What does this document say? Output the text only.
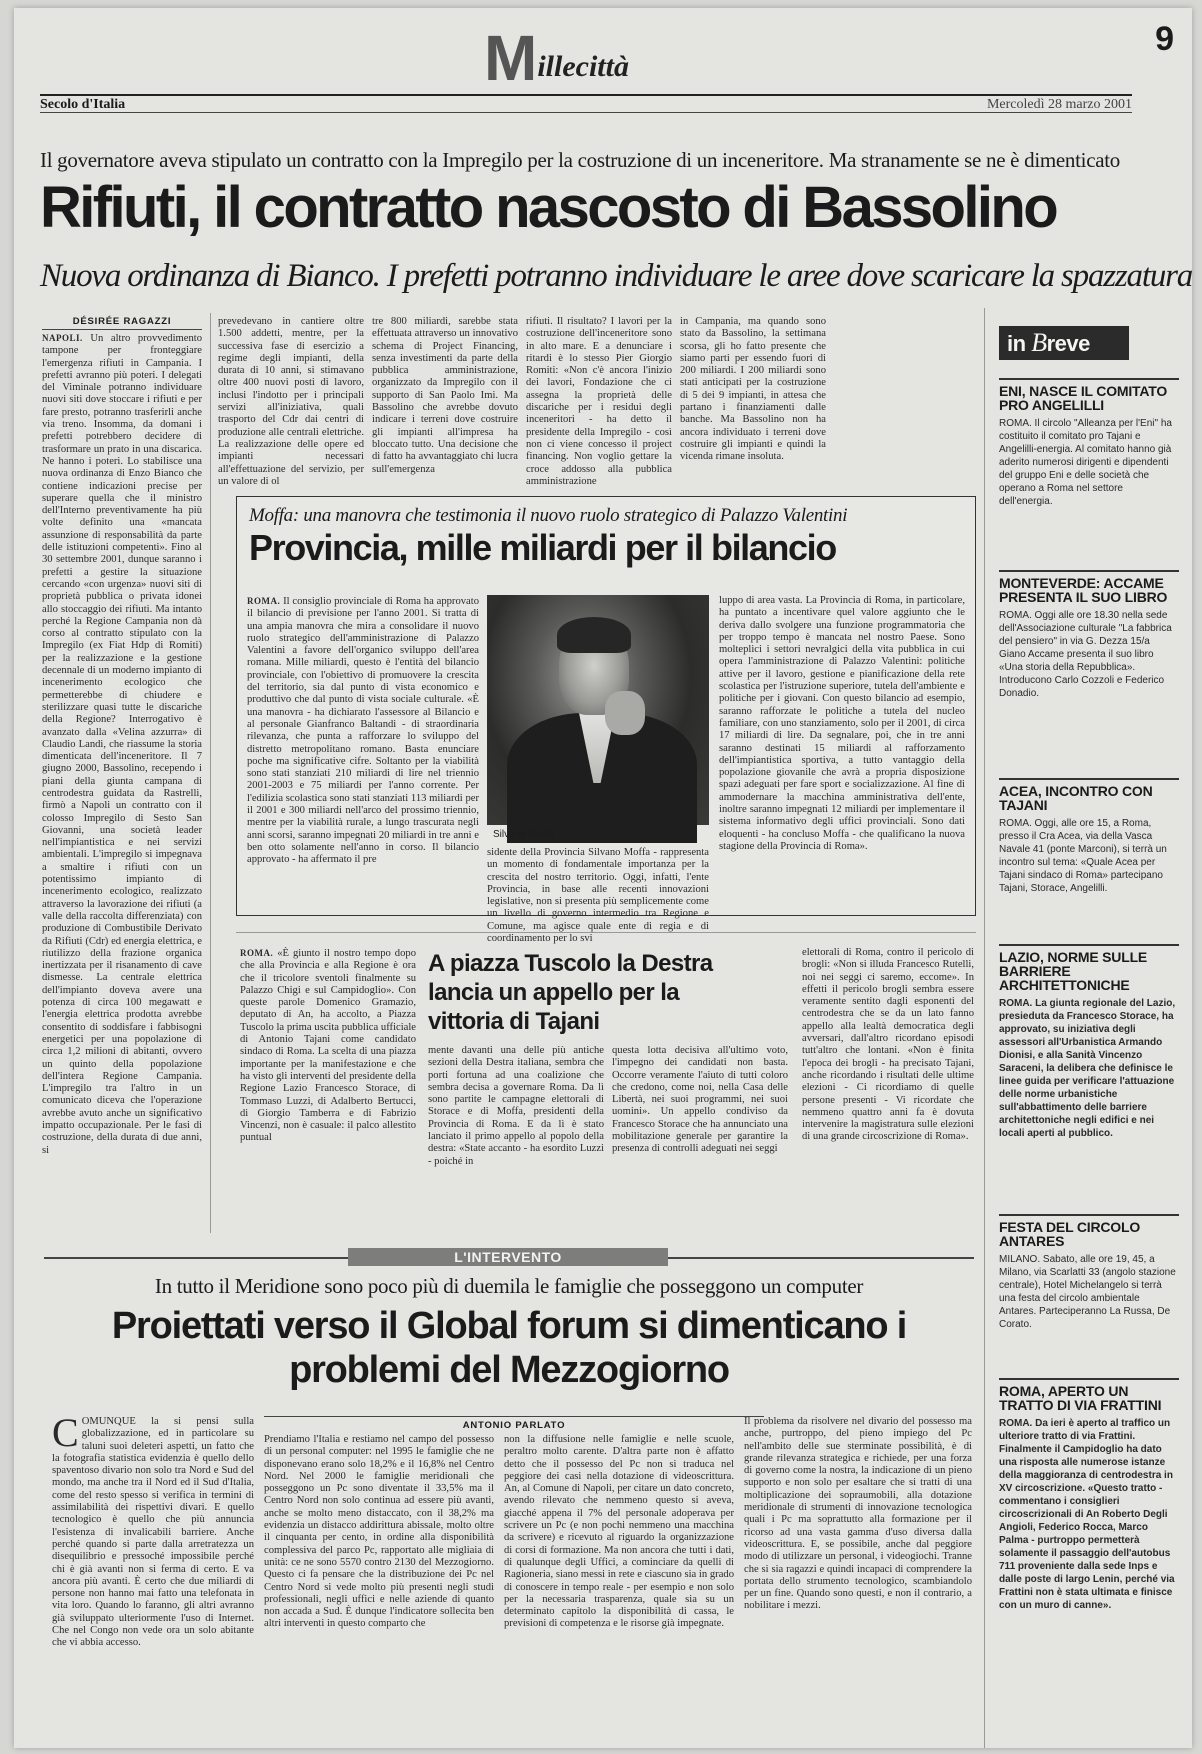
M illecittà
9
Secolo d'Italia	Mercoledì 28 marzo 2001
Il governatore aveva stipulato un contratto con la Impregilo per la costruzione di un inceneritore. Ma stranamente se ne è dimenticato
Rifiuti, il contratto nascosto di Bassolino
Nuova ordinanza di Bianco. I prefetti potranno individuare le aree dove scaricare la spazzatura
DÉSIRÉE RAGAZZI
NAPOLI. Un altro provvedimento tampone per fronteggiare l'emergenza rifiuti in Campania. I prefetti avranno più poteri. I delegati del Viminale potranno individuare nuovi siti dove stoccare i rifiuti e per fare presto, potranno trasferirli anche via treno. Insomma, da domani i prefetti potrebbero decidere di trasformare un prato in una discarica. Ne hanno i poteri. Lo stabilisce una nuova ordinanza di Enzo Bianco che contiene indicazioni precise per superare quella che il ministro dell'Interno preventivamente ha più volte definito una «mancata assunzione di responsabilità da parte delle istituzioni competenti». Fino al 30 settembre 2001, dunque saranno i prefetti a gestire la situazione cercando «con urgenza» nuovi siti di proprietà pubblica o privata idonei allo stoccaggio dei rifiuti. Ma intanto perché la Regione Campania non dà corso al contratto stipulato con la Impregilo (ex Fiat Hdp di Romiti) per la realizzazione e la gestione decennale di un moderno impianto di incenerimento ecologico che permetterebbe di chiudere e sterilizzare quasi tutte le discariche della Regione? Interrogativo è avanzato dalla «Velina azzurra» di Claudio Landi, che riassume la storia dimenticata dell'inceneritore. Il 7 giugno 2000, Bassolino, recependo i piani della giunta campana di centrodestra guidata da Rastrelli, firmò a Napoli un contratto con il colosso Impregilo di Sesto San Giovanni, una società leader nell'impiantistica e nei servizi ambientali. L'impregilo si impegnava a smaltire i rifiuti con un potentissimo impianto di incenerimento ecologico, realizzato attraverso la lavorazione dei rifiuti (a valle della raccolta differenziata) con produzione di Combustibile Derivato da Rifiuti (Cdr) ed energia elettrica, e riutilizzo della frazione organica inertizzata per il risanamento di cave dismesse. La centrale elettrica dell'impianto doveva avere una potenza di circa 100 megawatt e l'energia elettrica prodotta avrebbe consentito di soddisfare i fabbisogni energetici per una popolazione di circa 1,2 milioni di abitanti, ovvero un quinto della popolazione dell'intera Regione Campania. L'impregilo tra l'altro in un comunicato diceva che l'operazione avrebbe avuto anche un significativo impatto occupazionale. Per le fasi di costruzione, della durata di due anni, si
prevedevano in cantiere oltre 1.500 addetti, mentre, per la successiva fase di esercizio a regime degli impianti, della durata di 10 anni, si stimavano oltre 400 nuovi posti di lavoro, inclusi l'indotto per i principali servizi all'iniziativa, quali trasporto del Cdr dai centri di produzione alle centrali elettriche. La realizzazione delle opere ed impianti necessari all'effettuazione del servizio, per un valore di ol
tre 800 miliardi, sarebbe stata effettuata attraverso un innovativo schema di Project Financing, senza investimenti da parte della pubblica amministrazione, organizzato da Impregilo con il supporto di San Paolo Imi. Ma Bassolino che avrebbe dovuto indicare i terreni dove costruire gli impianti all'impresa ha bloccato tutto. Una decisione che di fatto ha avvantaggiato chi lucra sull'emergenza
rifiuti. Il risultato? I lavori per la costruzione dell'inceneritore sono in alto mare. E a denunciare i ritardi è lo stesso Pier Giorgio Romiti: «Non c'è ancora l'inizio dei lavori, Fondazione che ci assegna la proprietà delle discariche per i residui degli inceneritori - ha detto il presidente della Impregilo - così non ci viene concesso il project financing. Non voglio gettare la croce addosso alla pubblica amministrazione
in Campania, ma quando sono stato da Bassolino, la settimana scorsa, gli ho fatto presente che siamo parti per essendo fuori di 200 miliardi. I 200 miliardi sono stati anticipati per la costruzione di 5 dei 9 impianti, in attesa che partano i finanziamenti dalle banche. Ma Bassolino non ha ancora individuato i terreni dove costruire gli impianti e quindi la vicenda rimane insoluta.
Moffa: una manovra che testimonia il nuovo ruolo strategico di Palazzo Valentini
Provincia, mille miliardi per il bilancio
ROMA. Il consiglio provinciale di Roma ha approvato il bilancio di previsione per l'anno 2001. Si tratta di una ampia manovra che mira a consolidare il nuovo ruolo strategico dell'amministrazione di Palazzo Valentini a favore dell'organico sviluppo dell'area romana. Mille miliardi, questo è l'entità del bilancio provinciale, con l'obiettivo di promuovere la crescita del territorio, sia dal punto di vista economico e produttivo che dal punto di vista sociale culturale. «È una manovra - ha dichiarato l'assessore al Bilancio e al personale Gianfranco Baltandi - di straordinaria rilevanza, che punta a rafforzare lo sviluppo del distretto metropolitano romano. Basta enunciare poche ma significative cifre. Soltanto per la viabilità sono stati stanziati 210 miliardi di lire nel triennio 2001-2003 e 75 miliardi per l'anno corrente. Per l'edilizia scolastica sono stati stanziati 113 miliardi per il 2001 e 300 miliardi nell'arco del prossimo triennio, mentre per la viabilità rurale, a lungo trascurata negli anni scorsi, saranno impegnati 20 miliardi in tre anni e ben otto solamente nell'anno in corso. Il bilancio approvato - ha affermato il pre
Silvano Moffa
sidente della Provincia Silvano Moffa - rappresenta un momento di fondamentale importanza per la crescita del nostro territorio. Oggi, infatti, l'ente Provincia, in base alle recenti innovazioni legislative, non si presenta più semplicemente come un livello di governo intermedio tra Regione e Comune, ma agisce quale ente di regia e di coordinamento per lo svi
luppo di area vasta. La Provincia di Roma, in particolare, ha puntato a incentivare quel valore aggiunto che le deriva dallo svolgere una funzione programmatoria che per troppo tempo è mancata nel nostro Paese. Sono molteplici i settori nevralgici della vita pubblica in cui opera l'amministrazione di Palazzo Valentini: politiche attive per il lavoro, gestione e pianificazione della rete scolastica per l'istruzione superiore, tutela dell'ambiente e politiche per i giovani. Con questo bilancio ad esempio, saranno rafforzate le politiche a tutela del nucleo familiare, con uno stanziamento, solo per il 2001, di circa 17 miliardi di lire. Da segnalare, poi, che in tre anni saranno destinati 15 miliardi al rafforzamento dell'impiantistica sportiva, a tutto vantaggio della popolazione giovanile che avrà a propria disposizione spazi adeguati per fare sport e socializzazione. Al fine di ammodernare la macchina amministrativa dell'ente, inoltre saranno impegnati 12 miliardi per implementare il sistema informativo degli uffici provinciali. Sono dati eloquenti - ha concluso Moffa - che qualificano la nuova stagione della Provincia di Roma».
ROMA. «È giunto il nostro tempo dopo che alla Provincia e alla Regione è ora che il tricolore sventoli finalmente su Palazzo Chigi e sul Campidoglio». Con queste parole Domenico Gramazio, deputato di An, ha accolto, a Piazza Tuscolo la prima uscita pubblica ufficiale di Antonio Tajani come candidato sindaco di Roma. La scelta di una piazza importante per la manifestazione e che ha visto gli interventi del presidente della Regione Lazio Francesco Storace, di Tommaso Luzzi, di Adalberto Bertucci, di Giorgio Tamberra e di Fabrizio Vincenzi, non è casuale: il palco allestito puntual
A piazza Tuscolo la Destra lancia un appello per la vittoria di Tajani
mente davanti una delle più antiche sezioni della Destra italiana, sembra che porti fortuna ad una coalizione che sembra decisa a governare Roma. Da lì sono partite le campagne elettorali di Storace e di Moffa, presidenti della Provincia di Roma. E da lì è stato lanciato il primo appello al popolo della destra: «State accanto - ha esordito Luzzi - poiché in
questa lotta decisiva all'ultimo voto, l'impegno dei candidati non basta. Occorre veramente l'aiuto di tutti coloro che credono, come noi, nella Casa delle Libertà, nei suoi programmi, nei suoi uomini». Un appello condiviso da Francesco Storace che ha annunciato una mobilitazione generale per garantire la presenza di controlli adeguati nei seggi
elettorali di Roma, contro il pericolo di brogli: «Non si illuda Francesco Rutelli, noi nei seggi ci saremo, eccome». In effetti il pericolo brogli sembra essere veramente sentito dagli esponenti del centrodestra che se da un lato fanno appello alla lealtà democratica degli avversari, dall'altro ricordano episodi tutt'altro che lontani. «Non è finita l'epoca dei brogli - ha precisato Tajani, anche ricordando i risultati delle ultime elezioni - Ci ricordiamo di quelle persone presenti - Vi ricordate che nemmeno quattro anni fa è dovuta intervenire la magistratura sulle elezioni di una grande circoscrizione di Roma».
L'INTERVENTO
In tutto il Meridione sono poco più di duemila le famiglie che posseggono un computer
Proiettati verso il Global forum si dimenticano i problemi del Mezzogiorno
ANTONIO PARLATO
COMUNQUE la si pensi sulla globalizzazione, ed in particolare su taluni suoi deleteri aspetti, un fatto che la fotografia statistica evidenzia è quello dello spaventoso divario non solo tra Nord e Sud del mondo, ma anche tra il Nord ed il Sud d'Italia, come del resto spesso si verifica in termini di assimilabilità dei rispettivi divari. E quello tecnologico è quello che più annuncia l'esistenza di invalicabili barriere. Anche perché quando si parte dalla arretratezza un disequilibrio e pressoché impossibile perché chi è già avanti non si ferma di certo. E va ancora più avanti. È certo che due miliardi di persone non hanno mai fatto una telefonata in vita loro. Quando lo faranno, gli altri avranno già sviluppato ulteriormente l'uso di Internet. Che nel Congo non vede ora un solo abitante che vi abbia accesso.
Prendiamo l'Italia e restiamo nel campo del possesso di un personal computer: nel 1995 le famiglie che ne disponevano erano solo 18,2% e il 16,8% nel Centro Nord. Nel 2000 le famiglie meridionali che posseggono un Pc sono diventate il 33,5% ma il Centro Nord non solo continua ad essere più avanti, anche se molto meno distaccato, con il 38,2% ma evidenzia un distacco addirittura abissale, molto oltre il cinquanta per cento, in ordine alla disponibilità complessiva del parco Pc, rapportato alle migliaia di unità: ce ne sono 5570 contro 2130 del Mezzogiorno. Questo ci fa pensare che la distribuzione dei Pc nel Centro Nord si vede molto più presenti negli studi professionali, negli uffici e nelle aziende di quanto non accada a Sud. È dunque l'indicatore sollecita ben altri interventi in questo comparto che
non la diffusione nelle famiglie e nelle scuole, peraltro molto carente. D'altra parte non è affatto detto che il possesso del Pc non si traduca nel peggiore dei casi nella dotazione di videoscrittura. An, al Comune di Napoli, per citare un dato concreto, avendo rilevato che nemmeno questo si aveva, giacché appena il 7% del personale adoperava per scrivere un Pc (e non pochi nemmeno una macchina da scrivere) e ricevuto al riguardo la organizzazione di corsi di formazione. Ma non ancora che tutti i dati, di qualunque degli Uffici, a cominciare da quelli di Ragioneria, siano messi in rete e ciascuno sia in grado di conoscere in tempo reale - per esempio e non solo per la necessaria trasparenza, quale sia su un determinato capitolo la disponibilità di cassa, le previsioni di competenza e le risorse già impegnate.
Il problema da risolvere nel divario del possesso ma anche, purtroppo, del pieno impiego del Pc nell'ambito delle sue sterminate possibilità, è di grande rilevanza strategica e richiede, per una forza di governo come la nostra, la indicazione di un pieno supporto e non solo per esaltare che si tratti di una moltiplicazione dei sopraumobili, alla dotazione meridionale di strumenti di innovazione tecnologica quali i Pc ma soprattutto alla formazione per il ricorso ad una vasta gamma d'uso diversa dalla videoscrittura. E, se possibile, anche dal peggiore modo di utilizzare un personal, i videogiochi. Tranne che si sia ragazzi e quindi incapaci di comprendere la portata dello strumento tecnologico, scambiandolo per un fine. Quando sono questi, e non il contrario, a nobilitare i mezzi.
in Breve
ENI, NASCE IL COMITATO PRO ANGELILLI
ROMA. Il circolo "Alleanza per l'Eni" ha costituito il comitato pro Tajani e Angelilli-energia. Al comitato hanno già aderito numerosi dirigenti e dipendenti del gruppo Eni e delle società che operano a Roma nel settore dell'energia.
MONTEVERDE: ACCAME PRESENTA IL SUO LIBRO
ROMA. Oggi alle ore 18.30 nella sede dell'Associazione culturale "La fabbrica del pensiero" in via G. Dezza 15/a Giano Accame presenta il suo libro «Una storia della Repubblica». Introducono Carlo Cozzoli e Federico Donadio.
ACEA, INCONTRO CON TAJANI
ROMA. Oggi, alle ore 15, a Roma, presso il Cra Acea, via della Vasca Navale 41 (ponte Marconi), si terrà un incontro sul tema: «Quale Acea per Tajani sindaco di Roma» partecipano Tajani, Storace, Angelilli.
LAZIO, NORME SULLE BARRIERE ARCHITETTONICHE
ROMA. La giunta regionale del Lazio, presieduta da Francesco Storace, ha approvato, su iniziativa degli assessori all'Urbanistica Armando Dionisi, e alla Sanità Vincenzo Saraceni, la delibera che definisce le linee guida per verificare l'attuazione delle norme urbanistiche sull'abbattimento delle barriere architettoniche negli edifici e nei locali aperti al pubblico.
FESTA DEL CIRCOLO ANTARES
MILANO. Sabato, alle ore 19, 45, a Milano, via Scarlatti 33 (angolo stazione centrale), Hotel Michelangelo si terrà una festa del circolo ambientale Antares. Parteciperanno La Russa, De Corato.
ROMA, APERTO UN TRATTO DI VIA FRATTINI
ROMA. Da ieri è aperto al traffico un ulteriore tratto di via Frattini. Finalmente il Campidoglio ha dato una risposta alle numerose istanze della maggioranza di centrodestra in XV circoscrizione. «Questo tratto - commentano i consiglieri circoscrizionali di An Roberto Degli Angioli, Federico Rocca, Marco Palma - purtroppo permetterà solamente il passaggio dell'autobus 711 proveniente dalla sede Inps e dalle poste di largo Lenin, perché via Frattini non è stata ultimata e finisce con un muro di canne».
